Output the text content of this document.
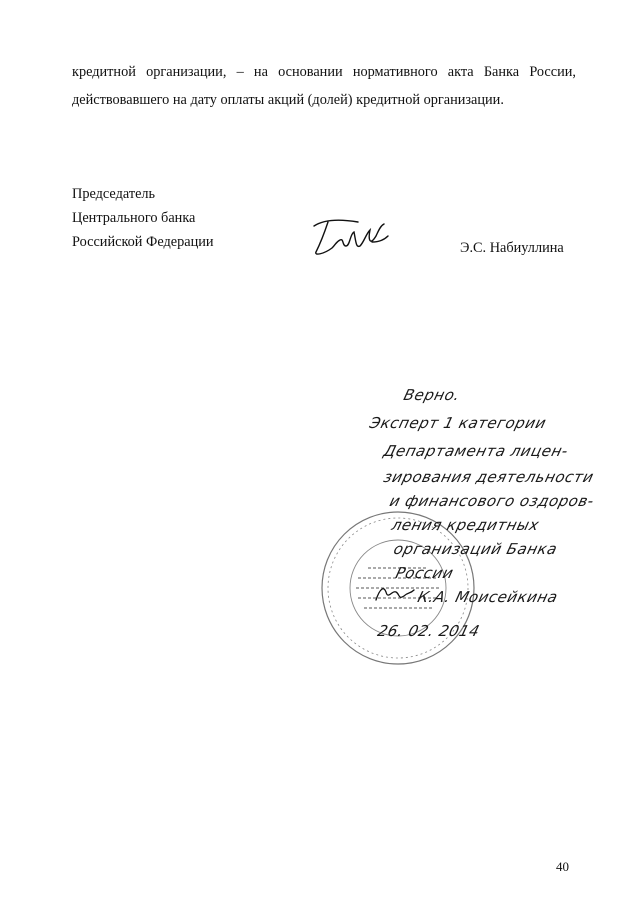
кредитной организации, – на основании нормативного акта Банка России,
действовавшего на дату оплаты акций (долей) кредитной организации.
Председатель
Центрального банка
Российской Федерации	Э.С. Набиуллина
Верно.
Эксперт 1 категории
Департамента лицен-
зирования деятельности
и финансового оздоров-
ления кредитных
организаций Банка
России
К.А. Моисейкина
26. 02. 2014
40
